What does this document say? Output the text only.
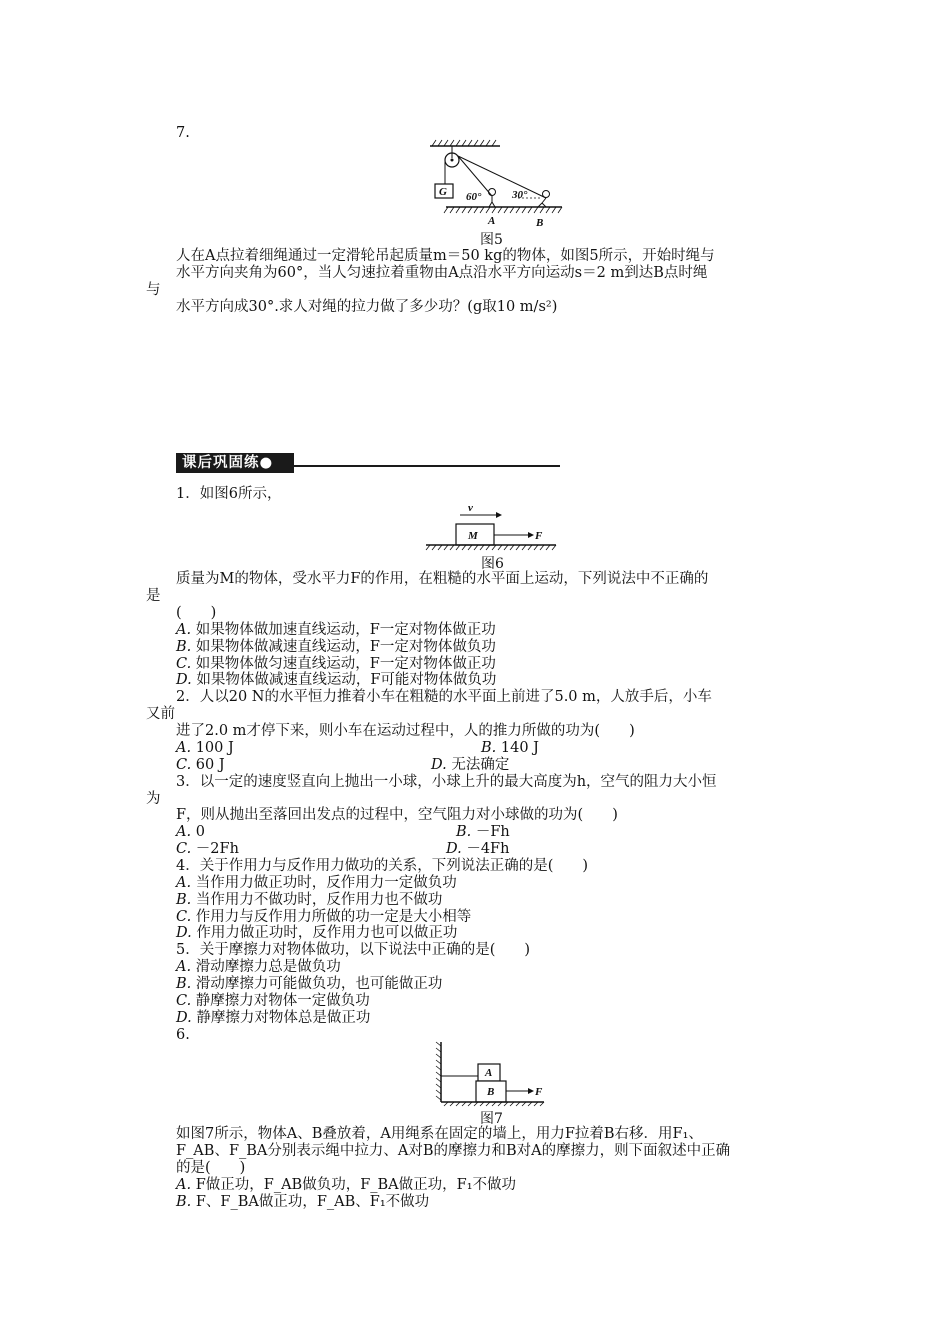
7.
G 60°	30°
A	B
图5
人在A点拉着细绳通过一定滑轮吊起质量m＝50 kg的物体，如图5所示，开始时绳与
水平方向夹角为60°，当人匀速拉着重物由A点沿水平方向运动s＝2 m到达B点时绳
与
水平方向成30°.求人对绳的拉力做了多少功？(g取10 m/s²)
课后巩固练●
1．如图6所示，
v
M	F
图6
质量为M的物体，受水平力F的作用，在粗糙的水平面上运动，下列说法中不正确的
是
(　　)
A. 如果物体做加速直线运动，F一定对物体做正功
B. 如果物体做减速直线运动，F一定对物体做负功
C. 如果物体做匀速直线运动，F一定对物体做正功
D. 如果物体做减速直线运动，F可能对物体做负功
2．人以20 N的水平恒力推着小车在粗糙的水平面上前进了5.0 m，人放手后，小车
又前
进了2.0 m才停下来，则小车在运动过程中，人的推力所做的功为(　　)
A. 100 J	B. 140 J
C. 60 J	D. 无法确定
3．以一定的速度竖直向上抛出一小球，小球上升的最大高度为h，空气的阻力大小恒
为
F，则从抛出至落回出发点的过程中，空气阻力对小球做的功为(　　)
A. 0	B. －Fh
C. －2Fh	D. －4Fh
4．关于作用力与反作用力做功的关系，下列说法正确的是(　　)
A. 当作用力做正功时，反作用力一定做负功
B. 当作用力不做功时，反作用力也不做功
C. 作用力与反作用力所做的功一定是大小相等
D. 作用力做正功时，反作用力也可以做正功
5．关于摩擦力对物体做功，以下说法中正确的是(　　)
A. 滑动摩擦力总是做负功
B. 滑动摩擦力可能做负功，也可能做正功
C. 静摩擦力对物体一定做负功
D. 静摩擦力对物体总是做正功
6.
A
B	F
图7
如图7所示，物体A、B叠放着，A用绳系在固定的墙上，用力F拉着B右移．用F₁、
F_AB、F_BA分别表示绳中拉力、A对B的摩擦力和B对A的摩擦力，则下面叙述中正确
的是(　　)
A. F做正功，F_AB做负功，F_BA做正功，F₁不做功
B. F、F_BA做正功，F_AB、F₁不做功
